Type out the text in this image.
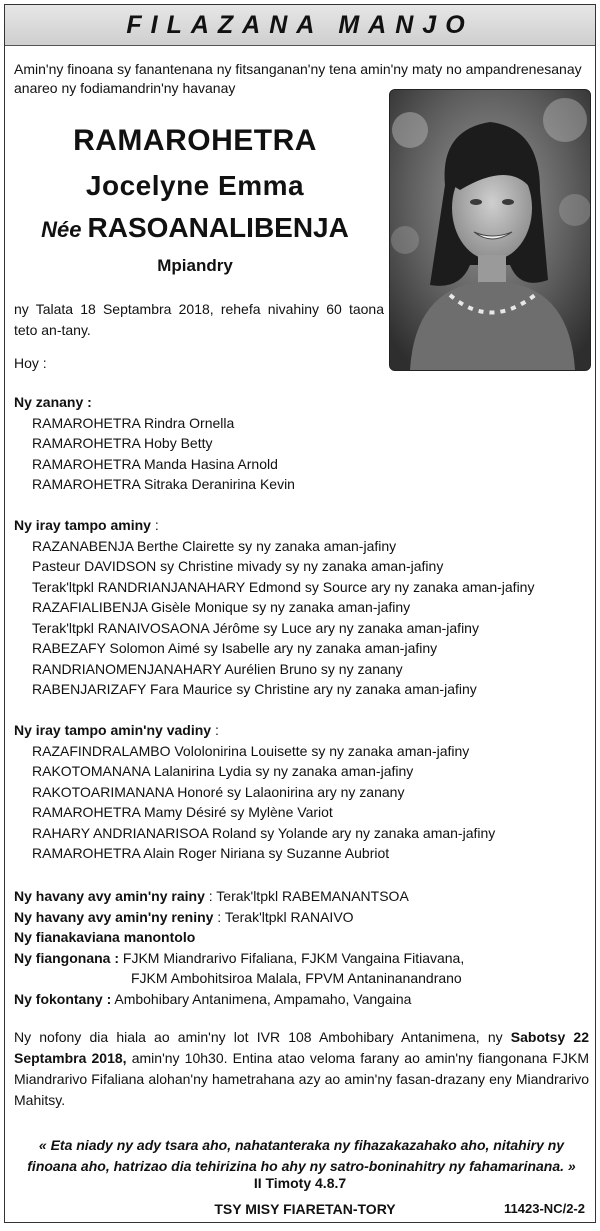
FILAZANA MANJO
Amin'ny finoana sy fanantenana ny fitsanganan'ny tena amin'ny maty no ampandrenesanay anareo ny fodiamandrin'ny havanay
RAMAROHETRA
Jocelyne Emma
Née RASOANALIBENJA
Mpiandry
ny Talata 18 Septambra 2018, rehefa nivahiny 60 taona teto an-tany.
Hoy :
Ny zanany :
RAMAROHETRA Rindra Ornella
RAMAROHETRA Hoby Betty
RAMAROHETRA Manda Hasina Arnold
RAMAROHETRA Sitraka Deranirina Kevin
Ny iray tampo aminy :
RAZANABENJA Berthe Clairette sy ny zanaka aman-jafiny
Pasteur DAVIDSON sy Christine mivady sy ny zanaka aman-jafiny
Terak'ltpkl RANDRIANJANAHARY Edmond sy Source ary ny zanaka aman-jafiny
RAZAFIALIBENJA Gisèle Monique sy ny zanaka aman-jafiny
Terak'ltpkl RANAIVOSAONA Jérôme sy Luce ary ny zanaka aman-jafiny
RABEZAFY Solomon Aimé sy Isabelle ary ny zanaka aman-jafiny
RANDRIANOMENJANAHARY Aurélien Bruno sy ny zanany
RABENJARIZAFY Fara Maurice sy Christine ary ny zanaka aman-jafiny
Ny iray tampo amin'ny vadiny :
RAZAFINDRALAMBO Vololonirina Louisette sy ny zanaka aman-jafiny
RAKOTOMANANA Lalanirina Lydia sy ny zanaka aman-jafiny
RAKOTOARIMANANA Honoré sy Lalaonirina ary ny zanany
RAMAROHETRA Mamy Désiré sy Mylène Variot
RAHARY ANDRIANARISOA Roland sy Yolande ary ny zanaka aman-jafiny
RAMAROHETRA Alain Roger Niriana sy Suzanne Aubriot
Ny havany avy amin'ny rainy : Terak'ltpkl RABEMANANTSOA
Ny havany avy amin'ny reniny : Terak'ltpkl RANAIVO
Ny fianakaviana manontolo
Ny fiangonana : FJKM Miandrarivo Fifaliana, FJKM Vangaina Fitiavana,
FJKM Ambohitsiroa Malala, FPVM Antaninanandrano
Ny fokontany : Ambohibary Antanimena, Ampamaho, Vangaina
Ny nofony dia hiala ao amin'ny lot IVR 108 Ambohibary Antanimena, ny Sabotsy 22 Septambra 2018, amin'ny 10h30. Entina atao veloma farany ao amin'ny fiangonana FJKM Miandrarivo Fifaliana alohan'ny hametrahana azy ao amin'ny fasan-drazany eny Miandrarivo Mahitsy.
« Eta niady ny ady tsara aho, nahatanteraka ny fihazakazahako aho, nitahiry ny finoana aho, hatrizao dia tehirizina ho ahy ny satro-boninahitry ny fahamarinana. »
II Timoty 4.8.7
TSY MISY FIARETAN-TORY	11423-NC/2-2
